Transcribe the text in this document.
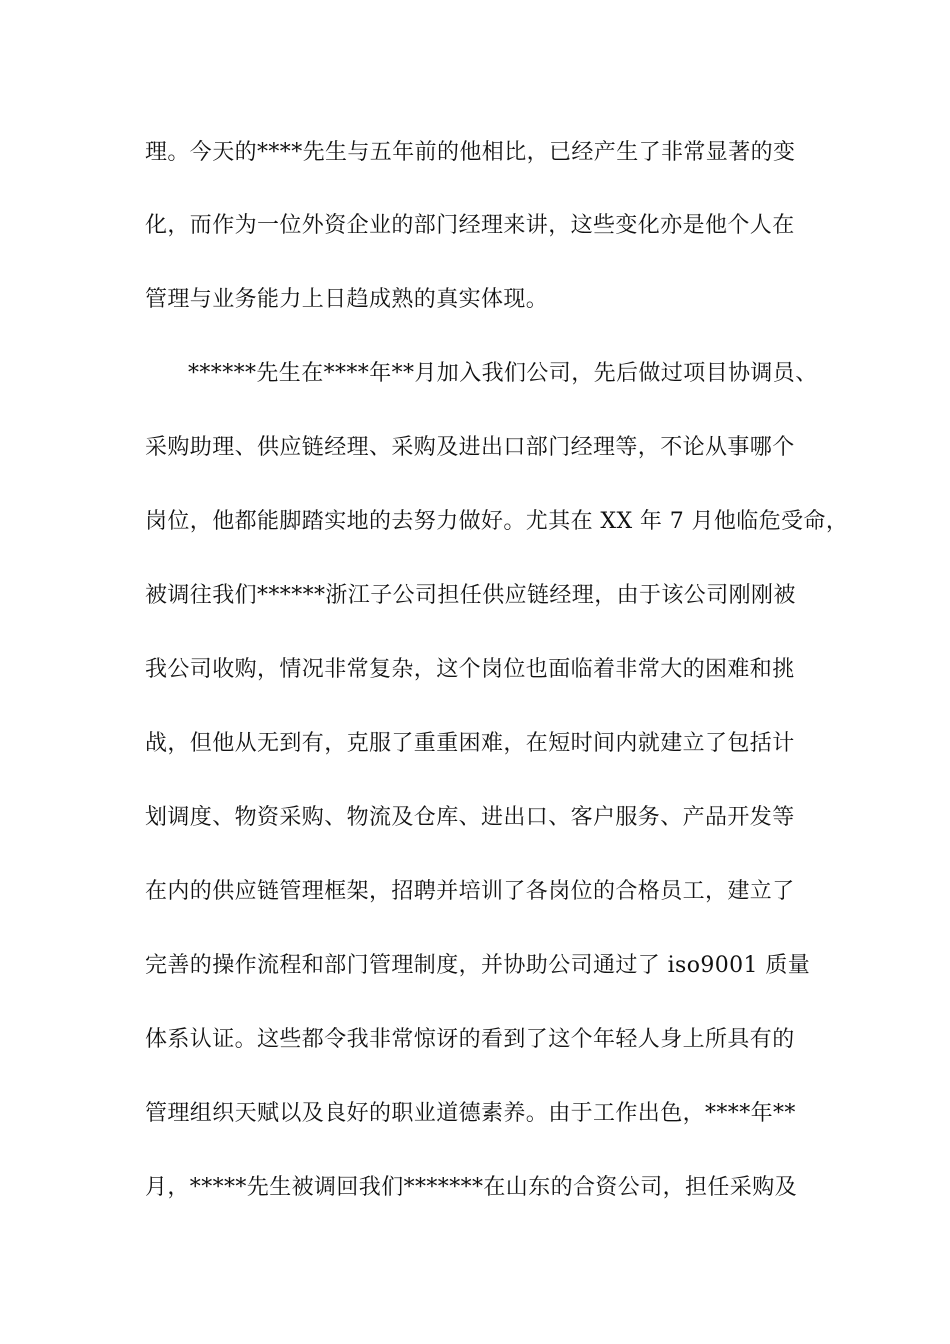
理。今天的****先生与五年前的他相比，已经产生了非常显著的变
化，而作为一位外资企业的部门经理来讲，这些变化亦是他个人在
管理与业务能力上日趋成熟的真实体现。
******先生在****年**月加入我们公司，先后做过项目协调员、
采购助理、供应链经理、采购及进出口部门经理等，不论从事哪个
岗位，他都能脚踏实地的去努力做好。尤其在 XX 年 7 月他临危受命，
被调往我们******浙江子公司担任供应链经理，由于该公司刚刚被
我公司收购，情况非常复杂，这个岗位也面临着非常大的困难和挑
战，但他从无到有，克服了重重困难，在短时间内就建立了包括计
划调度、物资采购、物流及仓库、进出口、客户服务、产品开发等
在内的供应链管理框架，招聘并培训了各岗位的合格员工，建立了
完善的操作流程和部门管理制度，并协助公司通过了 iso9001 质量
体系认证。这些都令我非常惊讶的看到了这个年轻人身上所具有的
管理组织天赋以及良好的职业道德素养。由于工作出色，****年**
月，*****先生被调回我们*******在山东的合资公司，担任采购及
